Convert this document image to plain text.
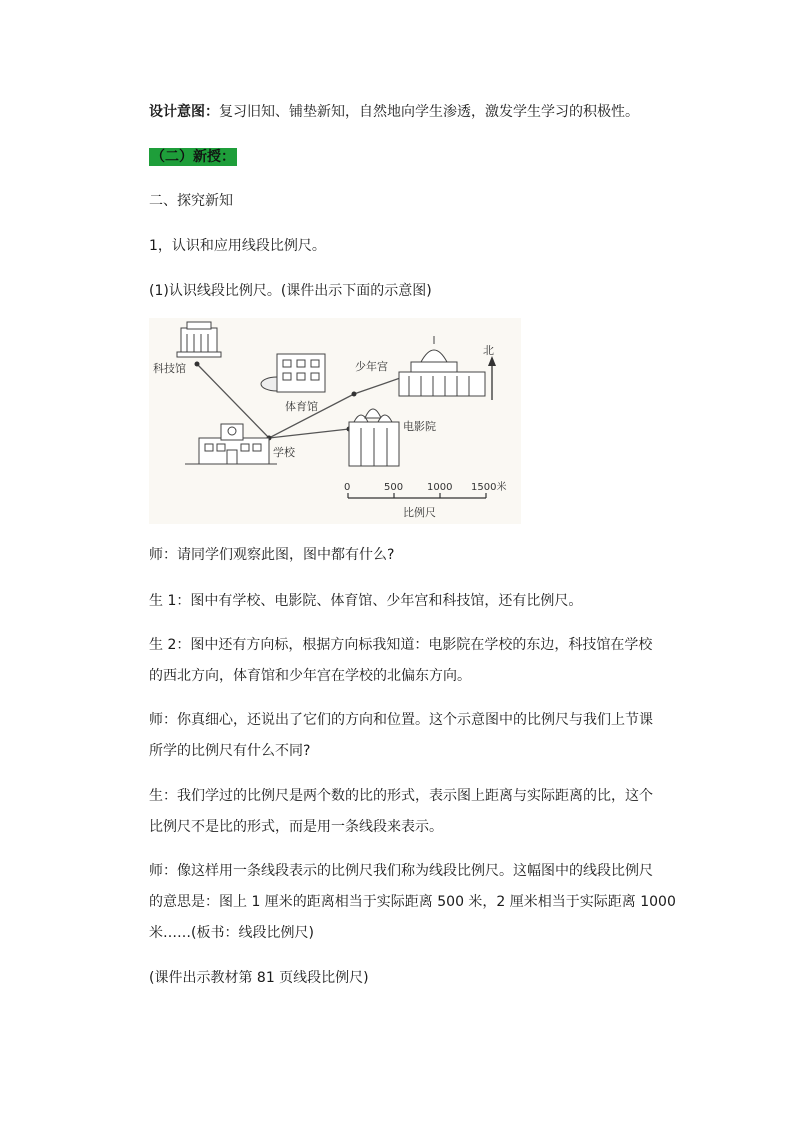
设计意图：复习旧知、铺垫新知，自然地向学生渗透，激发学生学习的积极性。
（二）新授：
二、探究新知
1，认识和应用线段比例尺。
(1)认识线段比例尺。(课件出示下面的示意图)
科技馆
体育馆
少年宫
学校
电影院
北
0	500 1000 1500米
比例尺
师：请同学们观察此图，图中都有什么?
生 1：图中有学校、电影院、体育馆、少年宫和科技馆，还有比例尺。
生 2：图中还有方向标，根据方向标我知道：电影院在学校的东边，科技馆在学校
的西北方向，体育馆和少年宫在学校的北偏东方向。
师：你真细心，还说出了它们的方向和位置。这个示意图中的比例尺与我们上节课
所学的比例尺有什么不同?
生：我们学过的比例尺是两个数的比的形式，表示图上距离与实际距离的比，这个
比例尺不是比的形式，而是用一条线段来表示。
师：像这样用一条线段表示的比例尺我们称为线段比例尺。这幅图中的线段比例尺
的意思是：图上 1 厘米的距离相当于实际距离 500 米，2 厘米相当于实际距离 1000
米……(板书：线段比例尺)
(课件出示教材第 81 页线段比例尺)
